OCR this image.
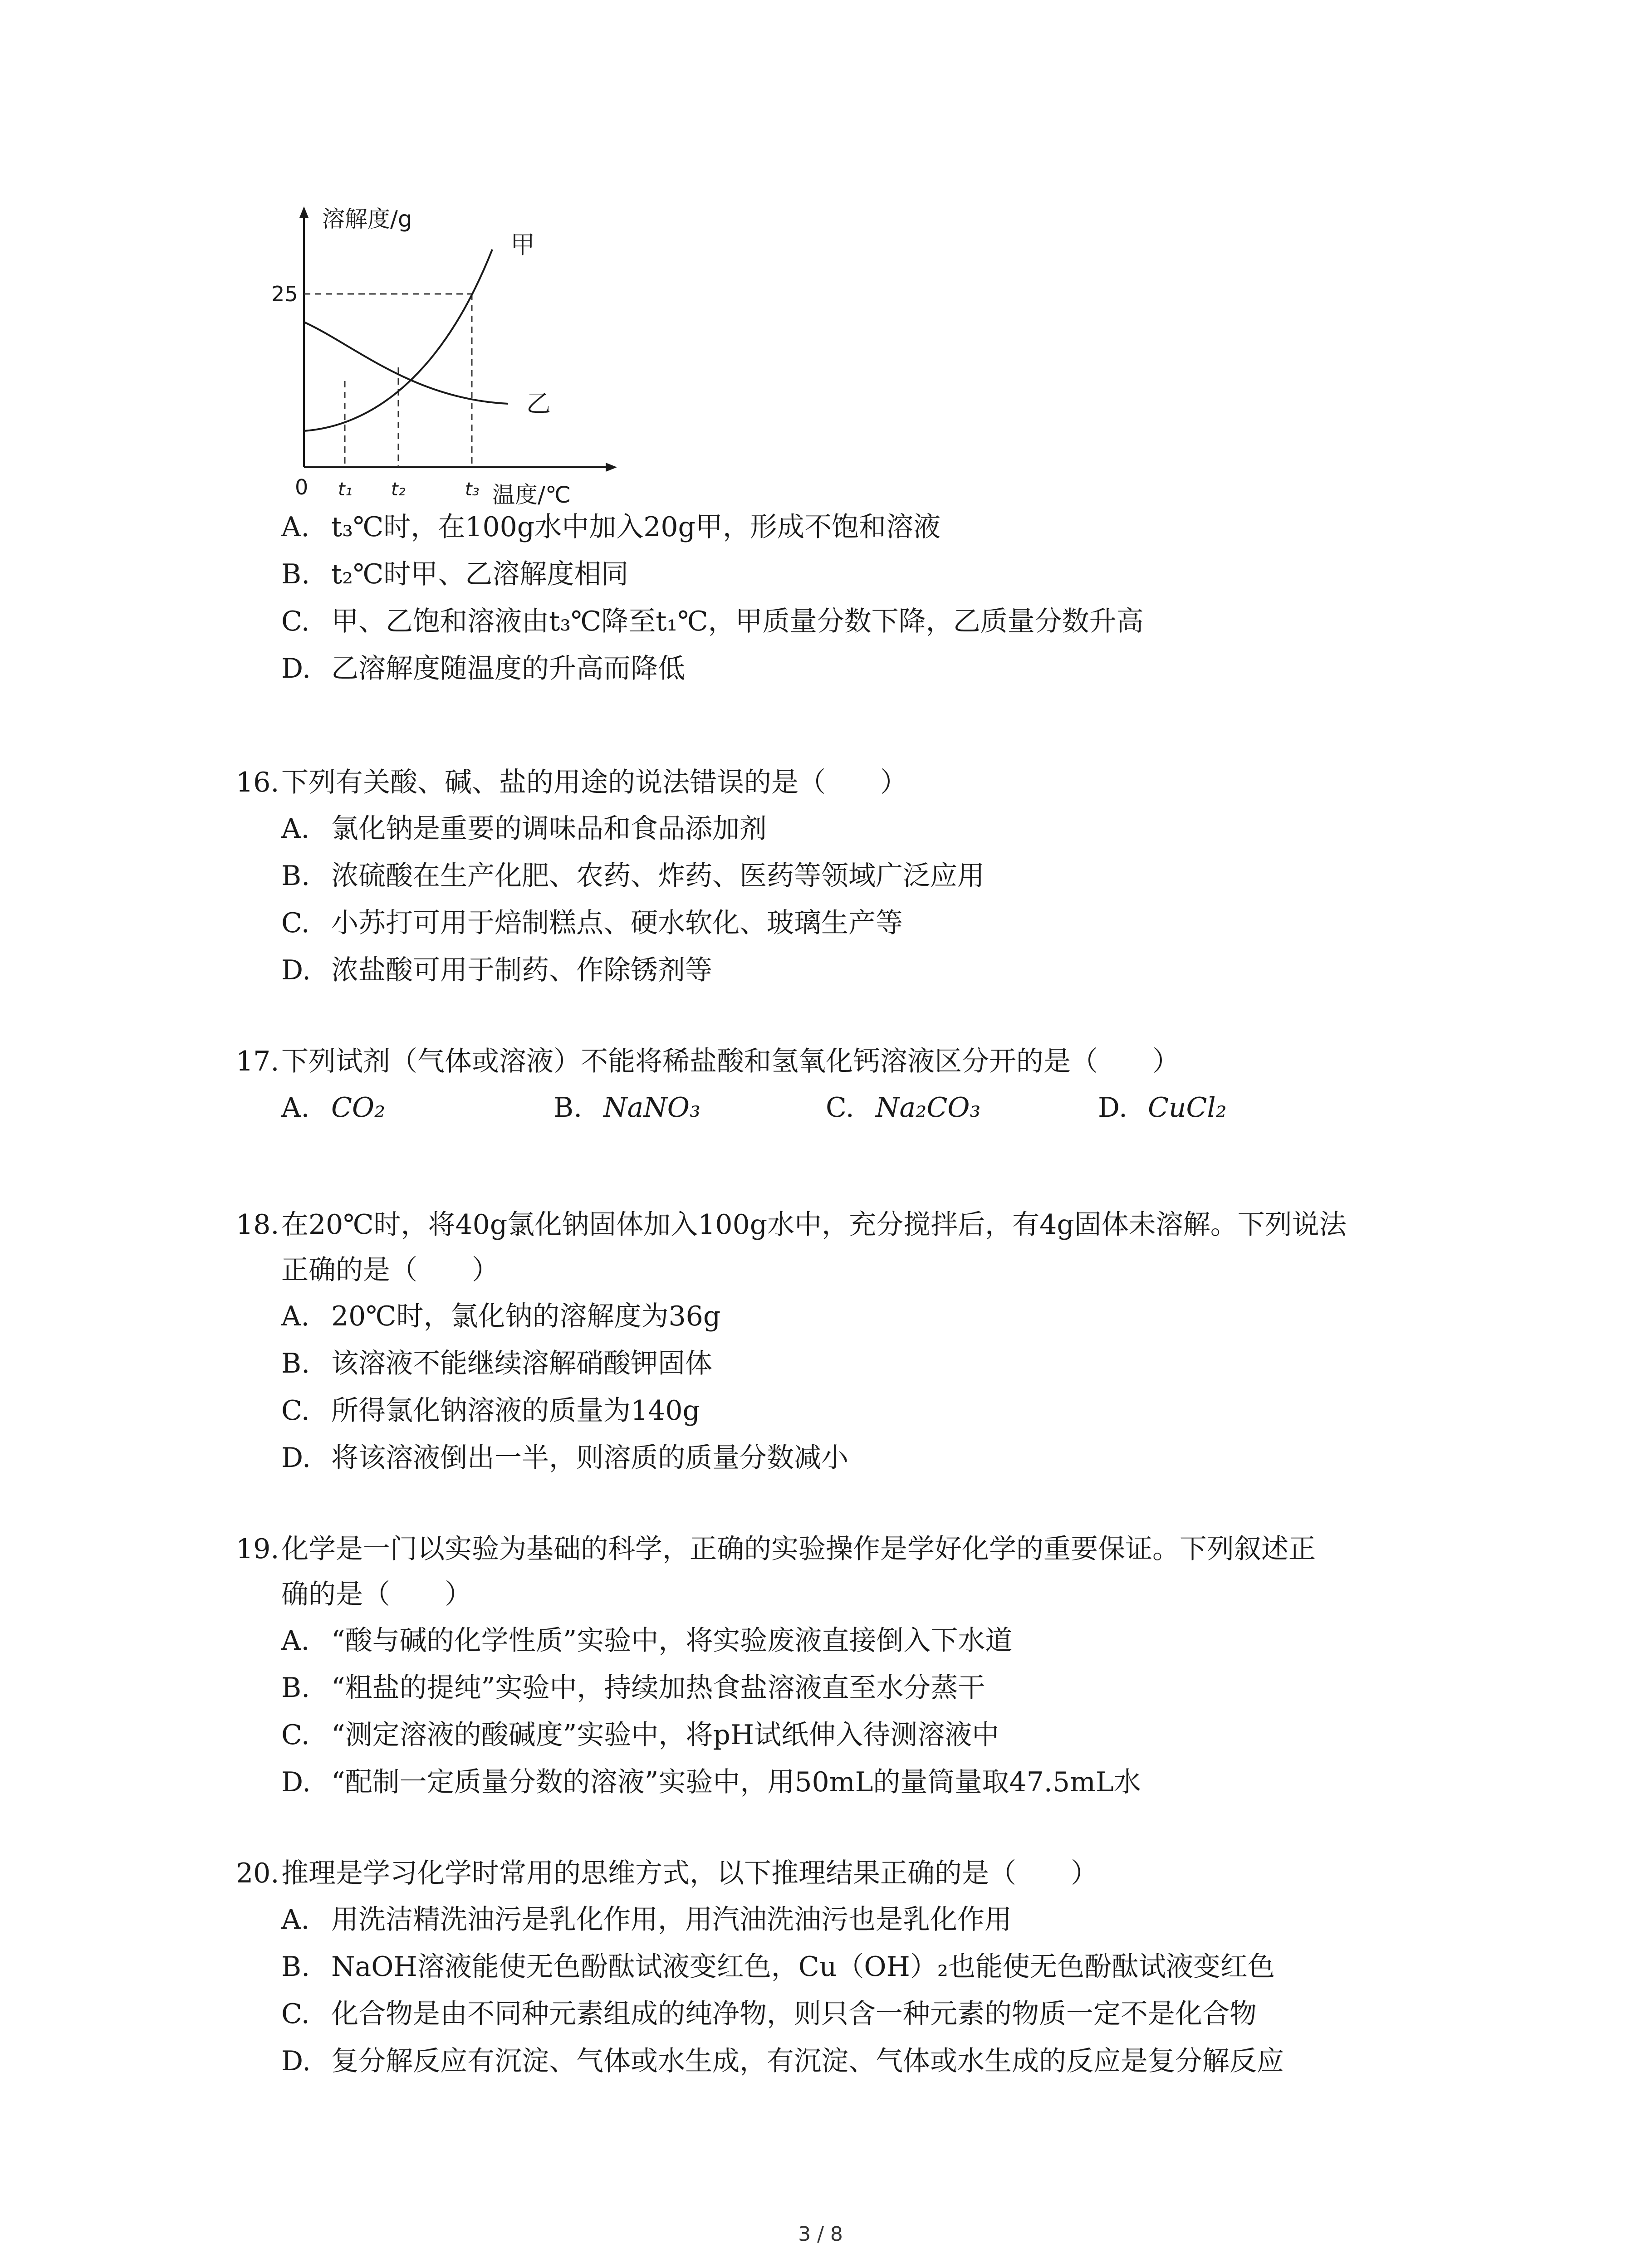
溶解度/g
温度/℃
0
25
t₁ t₂	t₃
甲
乙
A. t₃℃时，在100g水中加入20g甲，形成不饱和溶液
B. t₂℃时甲、乙溶解度相同
C. 甲、乙饱和溶液由t₃℃降至t₁℃，甲质量分数下降，乙质量分数升高
D. 乙溶解度随温度的升高而降低
16.下列有关酸、碱、盐的用途的说法错误的是（　　）
A. 氯化钠是重要的调味品和食品添加剂
B. 浓硫酸在生产化肥、农药、炸药、医药等领域广泛应用
C. 小苏打可用于焙制糕点、硬水软化、玻璃生产等
D. 浓盐酸可用于制药、作除锈剂等
17.下列试剂（气体或溶液）不能将稀盐酸和氢氧化钙溶液区分开的是（　　）
A. CO₂	B. NaNO₃	C. Na₂CO₃	D. CuCl₂
18.在20℃时，将40g氯化钠固体加入100g水中，充分搅拌后，有4g固体未溶解。下列说法
正确的是（　　）
A. 20℃时，氯化钠的溶解度为36g
B. 该溶液不能继续溶解硝酸钾固体
C. 所得氯化钠溶液的质量为140g
D. 将该溶液倒出一半，则溶质的质量分数减小
19.化学是一门以实验为基础的科学，正确的实验操作是学好化学的重要保证。下列叙述正
确的是（　　）
A. “酸与碱的化学性质”实验中，将实验废液直接倒入下水道
B. “粗盐的提纯”实验中，持续加热食盐溶液直至水分蒸干
C. “测定溶液的酸碱度”实验中，将pH试纸伸入待测溶液中
D. “配制一定质量分数的溶液”实验中，用50mL的量筒量取47.5mL水
20.推理是学习化学时常用的思维方式，以下推理结果正确的是（　　）
A. 用洗洁精洗油污是乳化作用，用汽油洗油污也是乳化作用
B. NaOH溶液能使无色酚酞试液变红色，Cu（OH）₂也能使无色酚酞试液变红色
C. 化合物是由不同种元素组成的纯净物，则只含一种元素的物质一定不是化合物
D. 复分解反应有沉淀、气体或水生成，有沉淀、气体或水生成的反应是复分解反应
3 / 8
